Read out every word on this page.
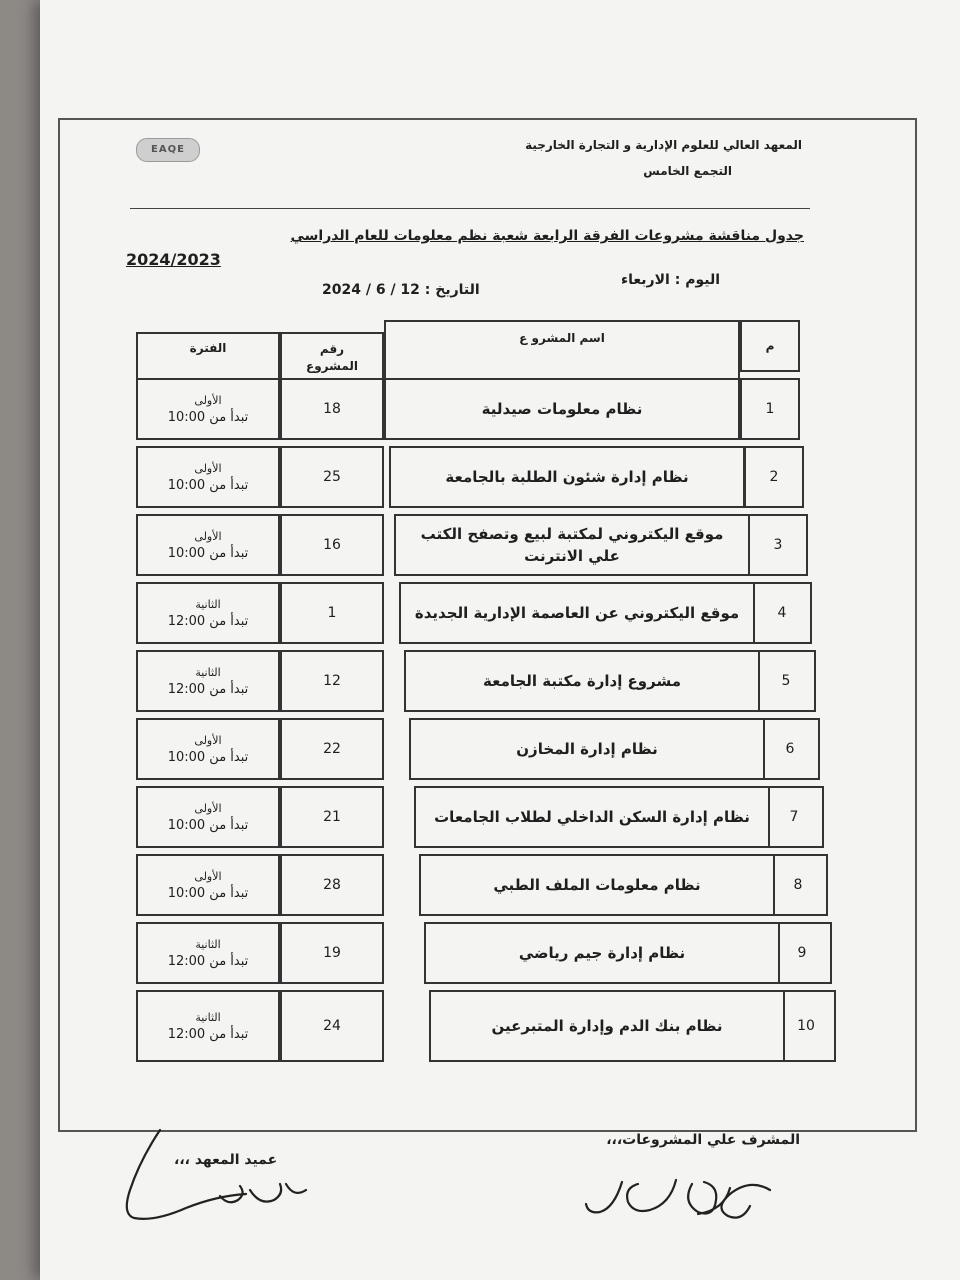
المعهد العالي للعلوم الإدارية و التجارة الخارجية
التجمع الخامس
EAQE
جدول مناقشة مشروعات الفرقة الرابعة شعبة نظم معلومات للعام الدراسي
2024/2023
اليوم : الاربعاء
التاريخ : 2024 / 6 / 12
م
اسم المشرو ع
رقم
المشروع
الفترة
1
نظام معلومات صيدلية
18
الأولى
تبدأ من 10:00
2
نظام إدارة شئون الطلبة بالجامعة
25
الأولى
تبدأ من 10:00
3
موقع اليكتروني لمكتبة لبيع وتصفح الكتب علي الانترنت
16
الأولى
تبدأ من 10:00
4
موقع اليكتروني عن العاصمة الإدارية الجديدة
1
الثانية
تبدأ من 12:00
5
مشروع إدارة مكتبة الجامعة
12
الثانية
تبدأ من 12:00
6
نظام إدارة المخازن
22
الأولى
تبدأ من 10:00
7
نظام إدارة السكن الداخلي لطلاب الجامعات
21
الأولى
تبدأ من 10:00
8
نظام معلومات الملف الطبي
28
الأولى
تبدأ من 10:00
9
نظام إدارة جيم رياضي
19
الثانية
تبدأ من 12:00
10
نظام بنك الدم وإدارة المتبرعين
24
الثانية
تبدأ من 12:00
المشرف علي المشروعات،،،
عميد المعهد ،،،
